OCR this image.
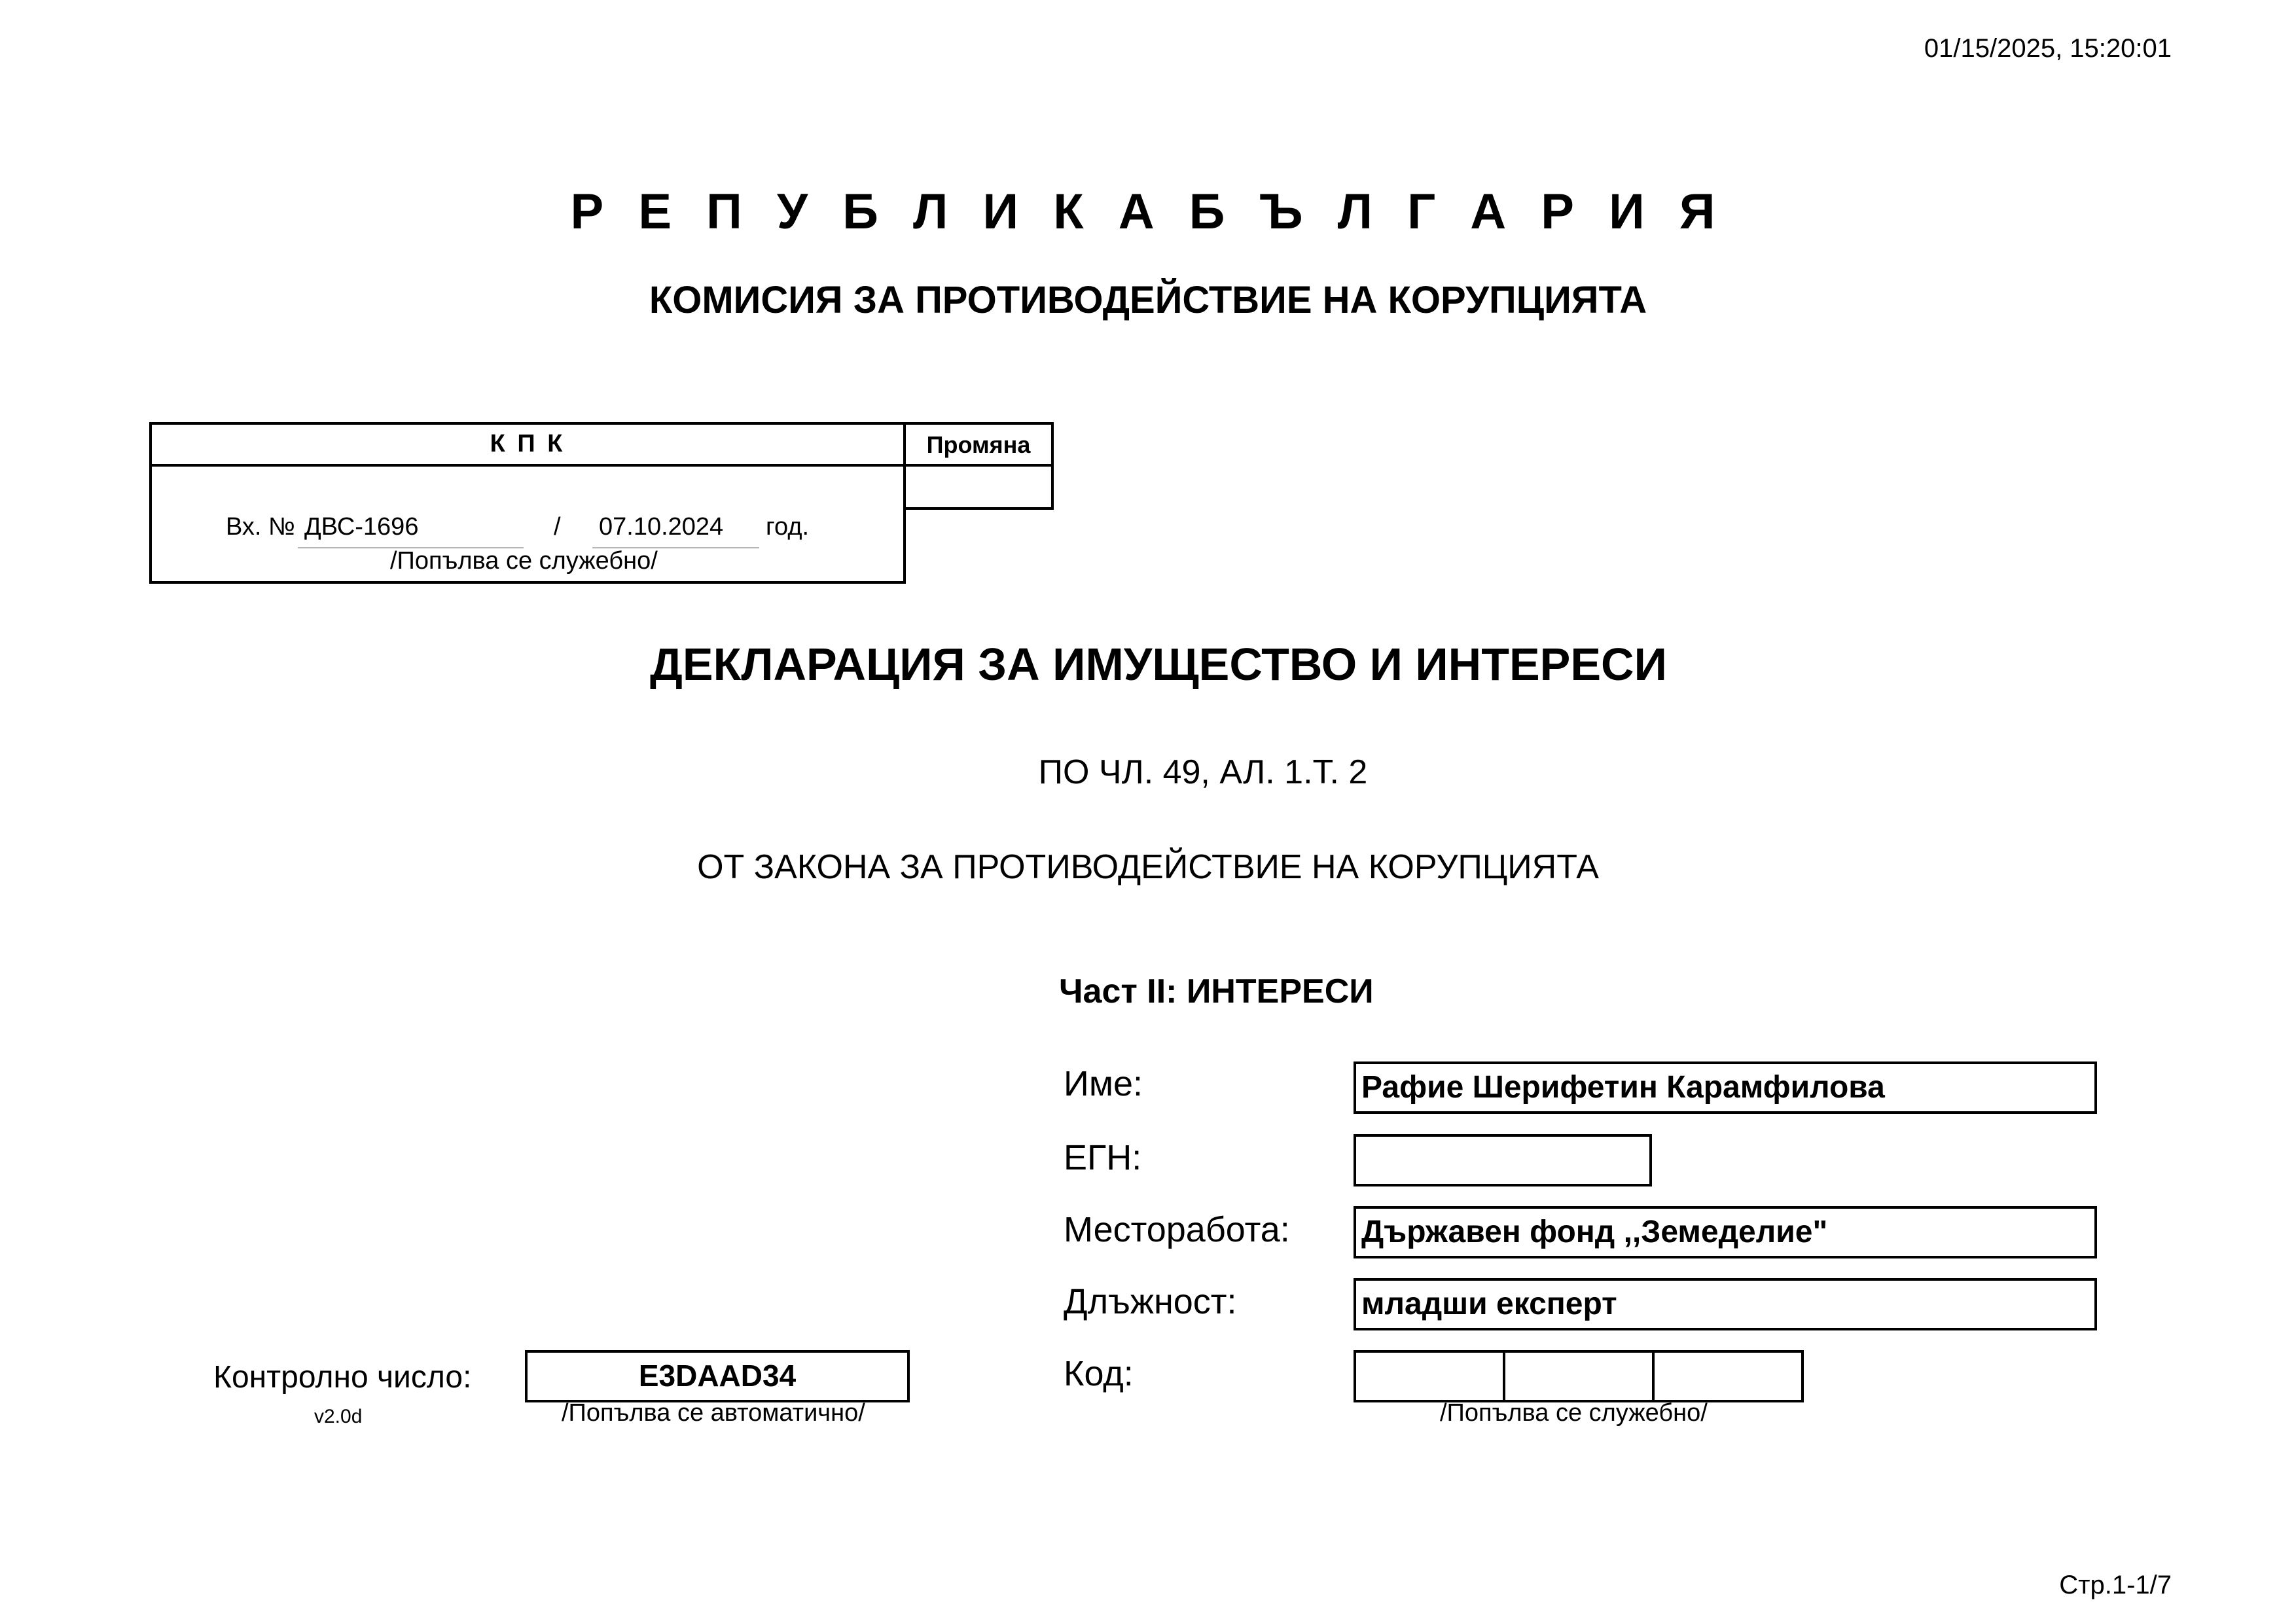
01/15/2025, 15:20:01
Р Е П У Б Л И К А Б Ъ Л Г А Р И Я
КОМИСИЯ ЗА ПРОТИВОДЕЙСТВИЕ НА КОРУПЦИЯТА
К П К	Промяна
Вх. № ДВС-1696	/ 07.10.2024 год.
/Попълва се служебно/
ДЕКЛАРАЦИЯ ЗА ИМУЩЕСТВО И ИНТЕРЕСИ
ПО ЧЛ. 49, АЛ. 1.Т. 2
ОТ ЗАКОНА ЗА ПРОТИВОДЕЙСТВИЕ НА КОРУПЦИЯТА
Част II: ИНТЕРЕСИ
Име:	Рафие Шерифетин Карамфилова
ЕГН:
Месторабота: Държавен фонд ,,Земеделие"
Длъжност:	младши експерт
Код:
/Попълва се служебно/
Контролно число:	E3DAAD34
/Попълва се автоматично/
v2.0d
Стр.1-1/7
